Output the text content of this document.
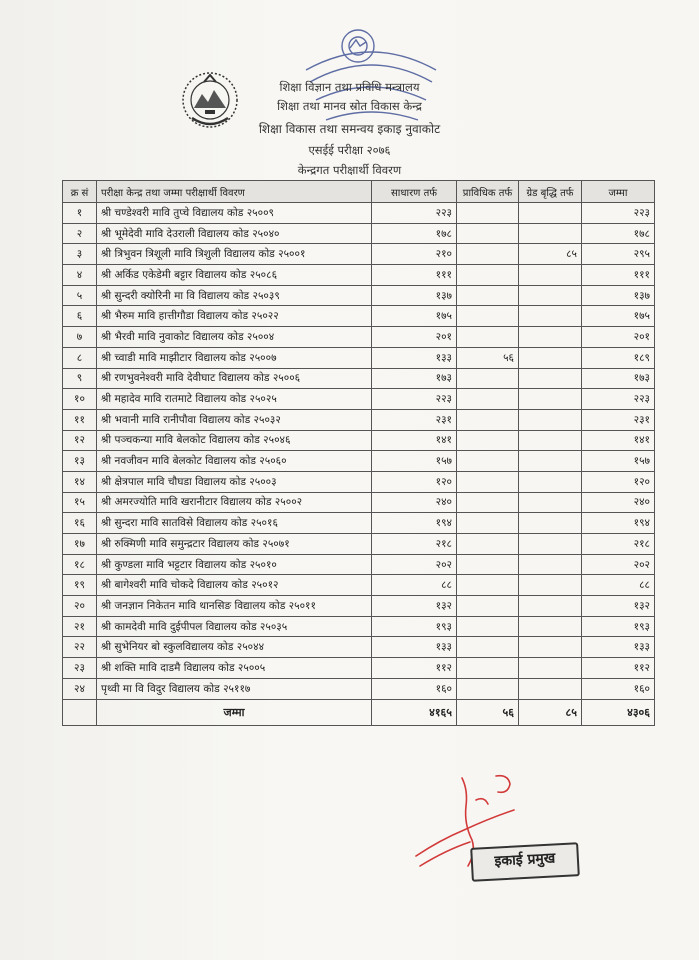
शिक्षा विज्ञान तथा प्रविधि मन्त्रालय
शिक्षा तथा मानव स्रोत विकास केन्द्र
शिक्षा विकास तथा समन्वय इकाइ नुवाकोट
एसईई परीक्षा २०७६
केन्द्रगत परीक्षार्थी विवरण
क्र सं	परीक्षा केन्द्र तथा जम्मा परीक्षार्थी विवरण	साधारण तर्फ	प्राविधिक तर्फ	ग्रेड बृद्धि तर्फ	जम्मा
१	श्री चण्डेश्वरी मावि तुप्चे विद्यालय कोड २५००९	२२३			२२३
२	श्री भूमेदेवी मावि देउराली विद्यालय कोड २५०४०	१७८			१७८
३	श्री त्रिभुवन त्रिशूली मावि त्रिशुली विद्यालय कोड २५००१	२१०		८५	२९५
४	श्री अर्किड एकेडेमी बट्टार विद्यालय कोड २५०८६	१११			१११
५	श्री सुन्दरी क्योरिनी मा वि विद्यालय कोड २५०३९	१३७			१३७
६	श्री भैरुम मावि हात्तीगौडा विद्यालय कोड २५०२२	१७५			१७५
७	श्री भैरवी मावि नुवाकोट विद्यालय कोड २५००४	२०१			२०१
८	श्री च्वाडी मावि माझीटार विद्यालय कोड २५००७	१३३	५६		१८९
९	श्री रणभुवनेश्वरी मावि देवीघाट विद्यालय कोड २५००६	१७३			१७३
१०	श्री महादेव मावि रातमाटे विद्यालय कोड २५०२५	२२३			२२३
११	श्री भवानी मावि रानीपौवा विद्यालय कोड २५०३२	२३१			२३१
१२	श्री पञ्चकन्या मावि बेलकोट विद्यालय कोड २५०४६	१४१			१४१
१३	श्री नवजीवन मावि बेलकोट विद्यालय कोड २५०६०	१५७			१५७
१४	श्री क्षेत्रपाल मावि चौघडा विद्यालय कोड २५००३	१२०			१२०
१५	श्री अमरज्योति मावि खरानीटार विद्यालय कोड २५००२	२४०			२४०
१६	श्री सुन्दरा मावि सातविसे विद्यालय कोड २५०१६	१९४			१९४
१७	श्री रुक्मिणी मावि समुन्द्रटार विद्यालय कोड २५०७१	२१८			२१८
१८	श्री कुण्डला मावि भट्टटार विद्यालय कोड २५०१०	२०२			२०२
१९	श्री बागेश्वरी मावि चोकदे विद्यालय कोड २५०१२	८८			८८
२०	श्री जनज्ञान निकेतन मावि थानसिङ विद्यालय कोड २५०११	१३२			१३२
२१	श्री कामदेवी मावि दुईपीपल विद्यालय कोड २५०३५	१९३			१९३
२२	श्री सुभेनियर बो स्कुलविद्यालय कोड २५०४४	१३३			१३३
२३	श्री शक्ति मावि दाडमै विद्यालय कोड २५००५	११२			११२
२४	पृथ्वी मा वि विदुर विद्यालय कोड २५११७	१६०			१६०
	जम्मा	४१६५	५६	८५	४३०६
इकाई प्रमुख
